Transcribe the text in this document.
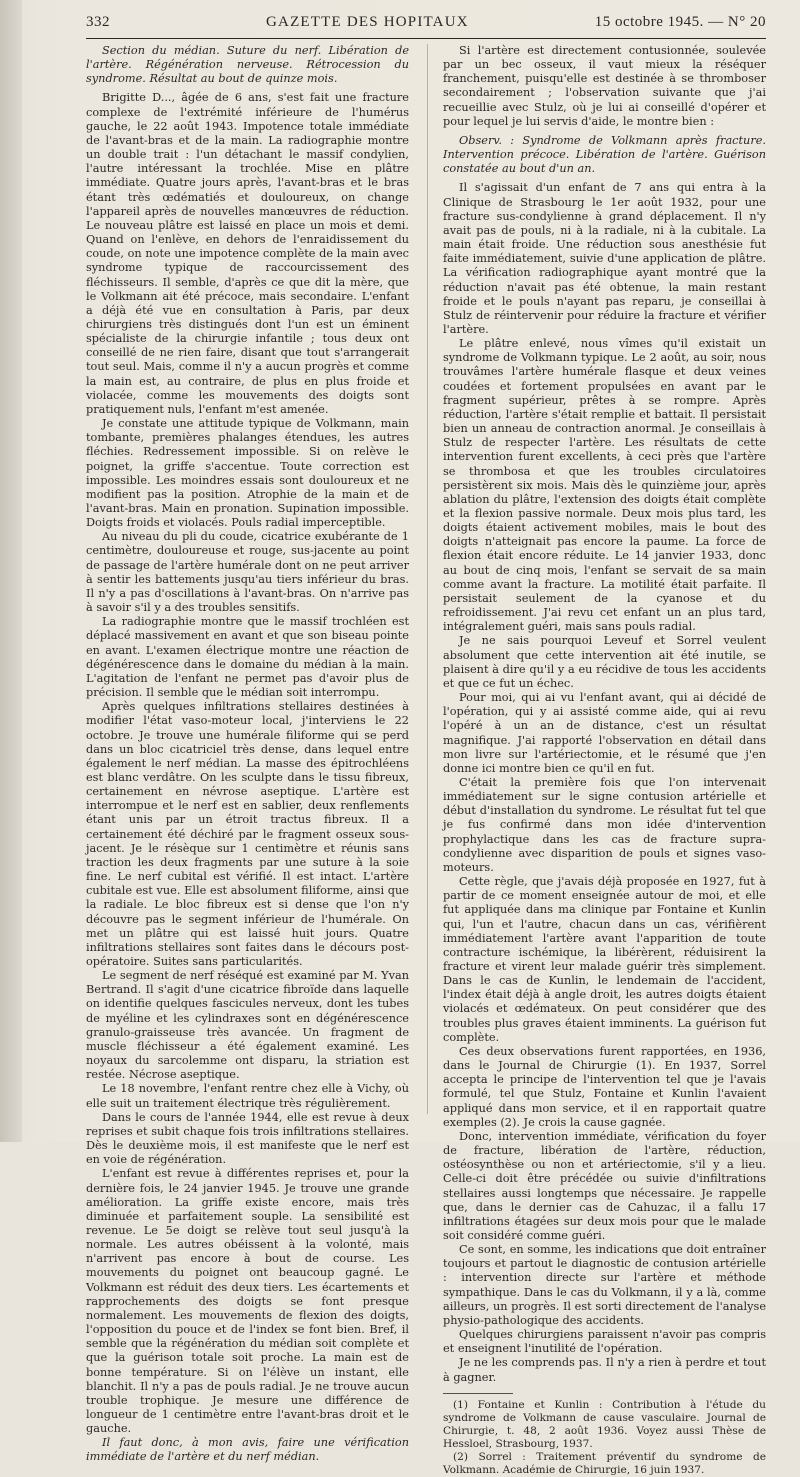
332	GAZETTE DES HOPITAUX	15 octobre 1945. — N° 20

Section du médian. Suture du nerf. Libération de l'artère. Régénération nerveuse. Rétrocession du syndrome. Résultat au bout de quinze mois.

Brigitte D..., âgée de 6 ans, s'est fait une fracture complexe de l'extrémité inférieure de l'humérus gauche, le 22 août 1943. Impotence totale immédiate de l'avant-bras et de la main. La radiographie montre un double trait : l'un détachant le massif condylien, l'autre intéressant la trochlée. Mise en plâtre immédiate. Quatre jours après, l'avant-bras et le bras étant très œdématiés et douloureux, on change l'appareil après de nouvelles manœuvres de réduction. Le nouveau plâtre est laissé en place un mois et demi. Quand on l'enlève, en dehors de l'enraidissement du coude, on note une impotence complète de la main avec syndrome typique de raccourcissement des fléchisseurs. Il semble, d'après ce que dit la mère, que le Volkmann ait été précoce, mais secondaire. L'enfant a déjà été vue en consultation à Paris, par deux chirurgiens très distingués dont l'un est un éminent spécialiste de la chirurgie infantile ; tous deux ont conseillé de ne rien faire, disant que tout s'arrangerait tout seul. Mais, comme il n'y a aucun progrès et comme la main est, au contraire, de plus en plus froide et violacée, comme les mouvements des doigts sont pratiquement nuls, l'enfant m'est amenée.

Je constate une attitude typique de Volkmann, main tombante, premières phalanges étendues, les autres fléchies. Redressement impossible. Si on relève le poignet, la griffe s'accentue. Toute correction est impossible. Les moindres essais sont douloureux et ne modifient pas la position. Atrophie de la main et de l'avant-bras. Main en pronation. Supination impossible. Doigts froids et violacés. Pouls radial imperceptible.

Au niveau du pli du coude, cicatrice exubérante de 1 centimètre, douloureuse et rouge, sus-jacente au point de passage de l'artère humérale dont on ne peut arriver à sentir les battements jusqu'au tiers inférieur du bras. Il n'y a pas d'oscillations à l'avant-bras. On n'arrive pas à savoir s'il y a des troubles sensitifs.

La radiographie montre que le massif trochléen est déplacé massivement en avant et que son biseau pointe en avant. L'examen électrique montre une réaction de dégénérescence dans le domaine du médian à la main. L'agitation de l'enfant ne permet pas d'avoir plus de précision. Il semble que le médian soit interrompu.

Après quelques infiltrations stellaires destinées à modifier l'état vaso-moteur local, j'interviens le 22 octobre. Je trouve une humérale filiforme qui se perd dans un bloc cicatriciel très dense, dans lequel entre également le nerf médian. La masse des épitrochléens est blanc verdâtre. On les sculpte dans le tissu fibreux, certainement en névrose aseptique. L'artère est interrompue et le nerf est en sablier, deux renflements étant unis par un étroit tractus fibreux. Il a certainement été déchiré par le fragment osseux sous-jacent. Je le résèque sur 1 centimètre et réunis sans traction les deux fragments par une suture à la soie fine. Le nerf cubital est vérifié. Il est intact. L'artère cubitale est vue. Elle est absolument filiforme, ainsi que la radiale. Le bloc fibreux est si dense que l'on n'y découvre pas le segment inférieur de l'humérale. On met un plâtre qui est laissé huit jours. Quatre infiltrations stellaires sont faites dans le décours post-opératoire. Suites sans particularités.

Le segment de nerf réséqué est examiné par M. Yvan Bertrand. Il s'agit d'une cicatrice fibroïde dans laquelle on identifie quelques fascicules nerveux, dont les tubes de myéline et les cylindraxes sont en dégénérescence granulo-graisseuse très avancée. Un fragment de muscle fléchisseur a été également examiné. Les noyaux du sarcolemme ont disparu, la striation est restée. Nécrose aseptique.

Le 18 novembre, l'enfant rentre chez elle à Vichy, où elle suit un traitement électrique très régulièrement.

Dans le cours de l'année 1944, elle est revue à deux reprises et subit chaque fois trois infiltrations stellaires. Dès le deuxième mois, il est manifeste que le nerf est en voie de régénération.

L'enfant est revue à différentes reprises et, pour la dernière fois, le 24 janvier 1945. Je trouve une grande amélioration. La griffe existe encore, mais très diminuée et parfaitement souple. La sensibilité est revenue. Le 5e doigt se relève tout seul jusqu'à la normale. Les autres obéissent à la volonté, mais n'arrivent pas encore à bout de course. Les mouvements du poignet ont beaucoup gagné. Le Volkmann est réduit des deux tiers. Les écartements et rapprochements des doigts se font presque normalement. Les mouvements de flexion des doigts, l'opposition du pouce et de l'index se font bien. Bref, il semble que la régénération du médian soit complète et que la guérison totale soit proche. La main est de bonne température. Si on l'élève un instant, elle blanchit. Il n'y a pas de pouls radial. Je ne trouve aucun trouble trophique. Je mesure une différence de longueur de 1 centimètre entre l'avant-bras droit et le gauche.

Il faut donc, à mon avis, faire une vérification immédiate de l'artère et du nerf médian.

Si l'artère est directement contusionnée, soulevée par un bec osseux, il vaut mieux la réséquer franchement, puisqu'elle est destinée à se thromboser secondairement ; l'observation suivante que j'ai recueillie avec Stulz, où je lui ai conseillé d'opérer et pour lequel je lui servis d'aide, le montre bien :

Observ. : Syndrome de Volkmann après fracture. Intervention précoce. Libération de l'artère. Guérison constatée au bout d'un an.

Il s'agissait d'un enfant de 7 ans qui entra à la Clinique de Strasbourg le 1er août 1932, pour une fracture sus-condylienne à grand déplacement. Il n'y avait pas de pouls, ni à la radiale, ni à la cubitale. La main était froide. Une réduction sous anesthésie fut faite immédiatement, suivie d'une application de plâtre. La vérification radiographique ayant montré que la réduction n'avait pas été obtenue, la main restant froide et le pouls n'ayant pas reparu, je conseillai à Stulz de réintervenir pour réduire la fracture et vérifier l'artère.

Le plâtre enlevé, nous vîmes qu'il existait un syndrome de Volkmann typique. Le 2 août, au soir, nous trouvâmes l'artère humérale flasque et deux veines coudées et fortement propulsées en avant par le fragment supérieur, prêtes à se rompre. Après réduction, l'artère s'était remplie et battait. Il persistait bien un anneau de contraction anormal. Je conseillais à Stulz de respecter l'artère. Les résultats de cette intervention furent excellents, à ceci près que l'artère se thrombosa et que les troubles circulatoires persistèrent six mois. Mais dès le quinzième jour, après ablation du plâtre, l'extension des doigts était complète et la flexion passive normale. Deux mois plus tard, les doigts étaient activement mobiles, mais le bout des doigts n'atteignait pas encore la paume. La force de flexion était encore réduite. Le 14 janvier 1933, donc au bout de cinq mois, l'enfant se servait de sa main comme avant la fracture. La motilité était parfaite. Il persistait seulement de la cyanose et du refroidissement. J'ai revu cet enfant un an plus tard, intégralement guéri, mais sans pouls radial.

Je ne sais pourquoi Leveuf et Sorrel veulent absolument que cette intervention ait été inutile, se plaisent à dire qu'il y a eu récidive de tous les accidents et que ce fut un échec.

Pour moi, qui ai vu l'enfant avant, qui ai décidé de l'opération, qui y ai assisté comme aide, qui ai revu l'opéré à un an de distance, c'est un résultat magnifique. J'ai rapporté l'observation en détail dans mon livre sur l'artériectomie, et le résumé que j'en donne ici montre bien ce qu'il en fut.

C'était la première fois que l'on intervenait immédiatement sur le signe contusion artérielle et début d'installation du syndrome. Le résultat fut tel que je fus confirmé dans mon idée d'intervention prophylactique dans les cas de fracture supra-condylienne avec disparition de pouls et signes vaso-moteurs.

Cette règle, que j'avais déjà proposée en 1927, fut à partir de ce moment enseignée autour de moi, et elle fut appliquée dans ma clinique par Fontaine et Kunlin qui, l'un et l'autre, chacun dans un cas, vérifièrent immédiatement l'artère avant l'apparition de toute contracture ischémique, la libérèrent, réduisirent la fracture et virent leur malade guérir très simplement. Dans le cas de Kunlin, le lendemain de l'accident, l'index était déjà à angle droit, les autres doigts étaient violacés et œdémateux. On peut considérer que des troubles plus graves étaient imminents. La guérison fut complète.

Ces deux observations furent rapportées, en 1936, dans le Journal de Chirurgie (1). En 1937, Sorrel accepta le principe de l'intervention tel que je l'avais formulé, tel que Stulz, Fontaine et Kunlin l'avaient appliqué dans mon service, et il en rapportait quatre exemples (2). Je crois la cause gagnée.

Donc, intervention immédiate, vérification du foyer de fracture, libération de l'artère, réduction, ostéosynthèse ou non et artériectomie, s'il y a lieu. Celle-ci doit être précédée ou suivie d'infiltrations stellaires aussi longtemps que nécessaire. Je rappelle que, dans le dernier cas de Cahuzac, il a fallu 17 infiltrations étagées sur deux mois pour que le malade soit considéré comme guéri.

Ce sont, en somme, les indications que doit entraîner toujours et partout le diagnostic de contusion artérielle : intervention directe sur l'artère et méthode sympathique. Dans le cas du Volkmann, il y a là, comme ailleurs, un progrès. Il est sorti directement de l'analyse physio-pathologique des accidents.

Quelques chirurgiens paraissent n'avoir pas compris et enseignent l'inutilité de l'opération.

Je ne les comprends pas. Il n'y a rien à perdre et tout à gagner.

(1) Fontaine et Kunlin : Contribution à l'étude du syndrome de Volkmann de cause vasculaire. Journal de Chirurgie, t. 48, 2 août 1936. Voyez aussi Thèse de Hessloel, Strasbourg, 1937.

(2) Sorrel : Traitement préventif du syndrome de Volkmann. Académie de Chirurgie, 16 juin 1937.
